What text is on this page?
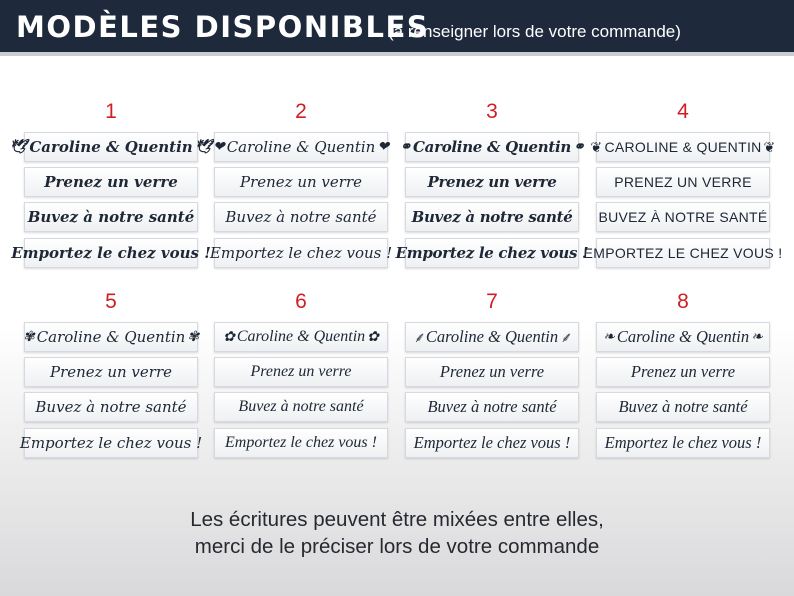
MODÈLES DISPONIBLES
(à renseigner lors de votre commande)
1
🕊 Caroline & Quentin 🕊
Prenez un verre
Buvez à notre santé
Emportez le chez vous !
2
❤ Caroline & Quentin ❤
Prenez un verre
Buvez à notre santé
Emportez le chez vous !
3
⚭ Caroline & Quentin ⚭
Prenez un verre
Buvez à notre santé
Emportez le chez vous !
4
❦ CAROLINE & QUENTIN ❦
PRENEZ UN VERRE
BUVEZ À NOTRE SANTÉ
EMPORTEZ LE CHEZ VOUS !
5
✾ Caroline & Quentin ✾
Prenez un verre
Buvez à notre santé
Emportez le chez vous !
6
✿ Caroline & Quentin ✿
Prenez un verre
Buvez à notre santé
Emportez le chez vous !
7
⸙ Caroline & Quentin ⸙
Prenez un verre
Buvez à notre santé
Emportez le chez vous !
8
❧ Caroline & Quentin ❧
Prenez un verre
Buvez à notre santé
Emportez le chez vous !
Les écritures peuvent être mixées entre elles,
merci de le préciser lors de votre commande
